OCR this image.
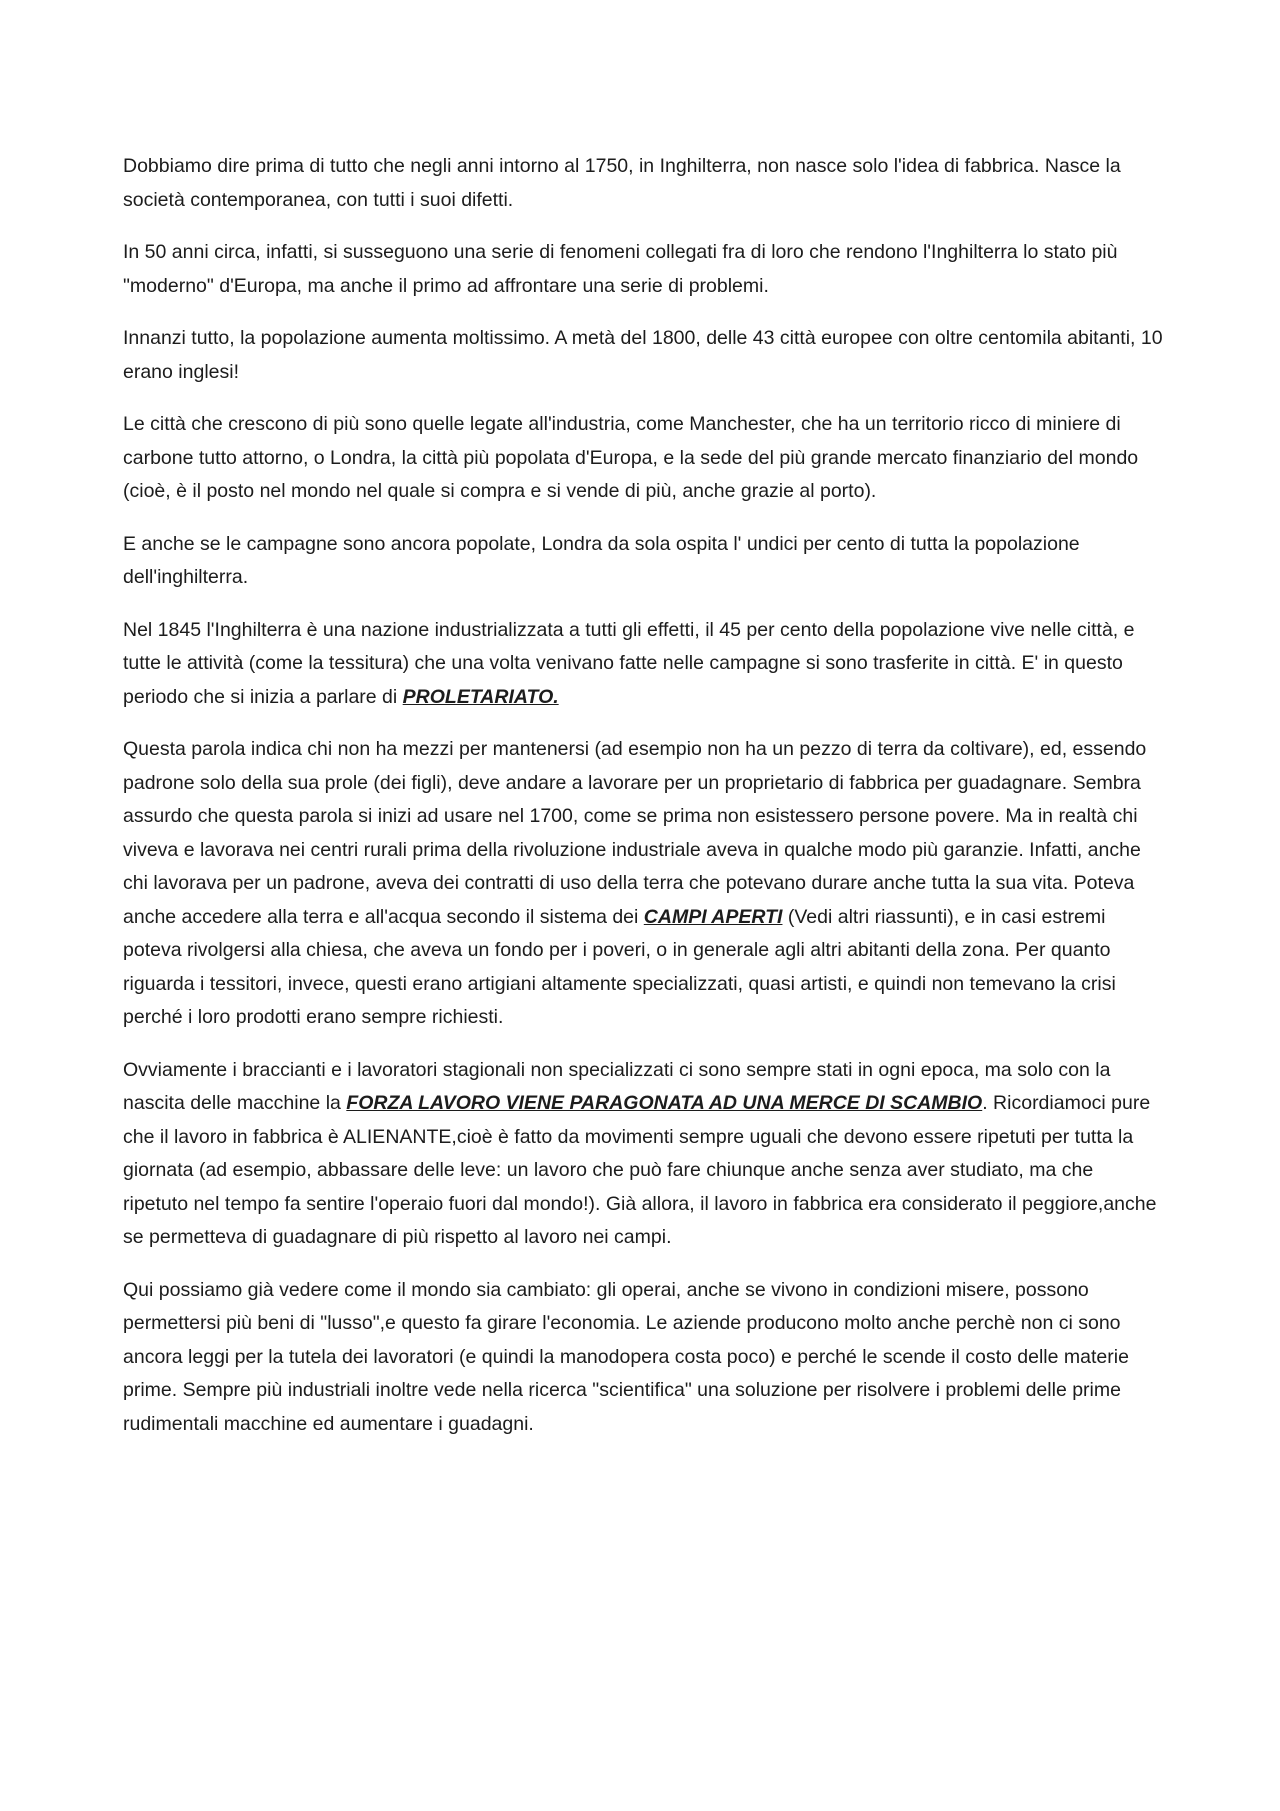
Dobbiamo dire prima di tutto che negli anni intorno al 1750, in Inghilterra, non nasce solo l'idea di fabbrica. Nasce la società contemporanea, con tutti i suoi difetti.

In 50 anni circa, infatti, si susseguono una serie di fenomeni collegati fra di loro che rendono l'Inghilterra lo stato più "moderno" d'Europa, ma anche il primo ad affrontare una serie di problemi.

Innanzi tutto, la popolazione aumenta moltissimo. A metà del 1800, delle 43 città europee con oltre centomila abitanti, 10 erano inglesi!

Le città che crescono di più sono quelle legate all'industria, come Manchester, che ha un territorio ricco di miniere di carbone tutto attorno, o Londra, la città più popolata d'Europa, e la sede del più grande mercato finanziario del mondo (cioè, è il posto nel mondo nel quale si compra e si vende di più, anche grazie al porto).

E anche se le campagne sono ancora popolate, Londra da sola ospita l' undici per cento di tutta la popolazione dell'inghilterra.

Nel 1845 l'Inghilterra è una nazione industrializzata a tutti gli effetti, il 45 per cento della popolazione vive nelle città, e tutte le attività (come la tessitura) che una volta venivano fatte nelle campagne si sono trasferite in città. E' in questo periodo che si inizia a parlare di PROLETARIATO.

Questa parola indica chi non ha mezzi per mantenersi (ad esempio non ha un pezzo di terra da coltivare), ed, essendo padrone solo della sua prole (dei figli), deve andare a lavorare per un proprietario di fabbrica per guadagnare. Sembra assurdo che questa parola si inizi ad usare nel 1700, come se prima non esistessero persone povere. Ma in realtà chi viveva e lavorava nei centri rurali prima della rivoluzione industriale aveva in qualche modo più garanzie. Infatti, anche chi lavorava per un padrone, aveva dei contratti di uso della terra che potevano durare anche tutta la sua vita. Poteva anche accedere alla terra e all'acqua secondo il sistema dei CAMPI APERTI (Vedi altri riassunti), e in casi estremi poteva rivolgersi alla chiesa, che aveva un fondo per i poveri, o in generale agli altri abitanti della zona. Per quanto riguarda i tessitori, invece, questi erano artigiani altamente specializzati, quasi artisti, e quindi non temevano la crisi perché i loro prodotti erano sempre richiesti.

Ovviamente i braccianti e i lavoratori stagionali non specializzati ci sono sempre stati in ogni epoca, ma solo con la nascita delle macchine la FORZA LAVORO VIENE PARAGONATA AD UNA MERCE DI SCAMBIO. Ricordiamoci pure che il lavoro in fabbrica è ALIENANTE,cioè è fatto da movimenti sempre uguali che devono essere ripetuti per tutta la giornata (ad esempio, abbassare delle leve: un lavoro che può fare chiunque anche senza aver studiato, ma che ripetuto nel tempo fa sentire l'operaio fuori dal mondo!). Già allora, il lavoro in fabbrica era considerato il peggiore,anche se permetteva di guadagnare di più rispetto al lavoro nei campi.

Qui possiamo già vedere come il mondo sia cambiato: gli operai, anche se vivono in condizioni misere, possono permettersi più beni di "lusso",e questo fa girare l'economia. Le aziende producono molto anche perchè non ci sono ancora leggi per la tutela dei lavoratori (e quindi la manodopera costa poco) e perché le scende il costo delle materie prime. Sempre più industriali inoltre vede nella ricerca "scientifica" una soluzione per risolvere i problemi delle prime rudimentali macchine ed aumentare i guadagni.
